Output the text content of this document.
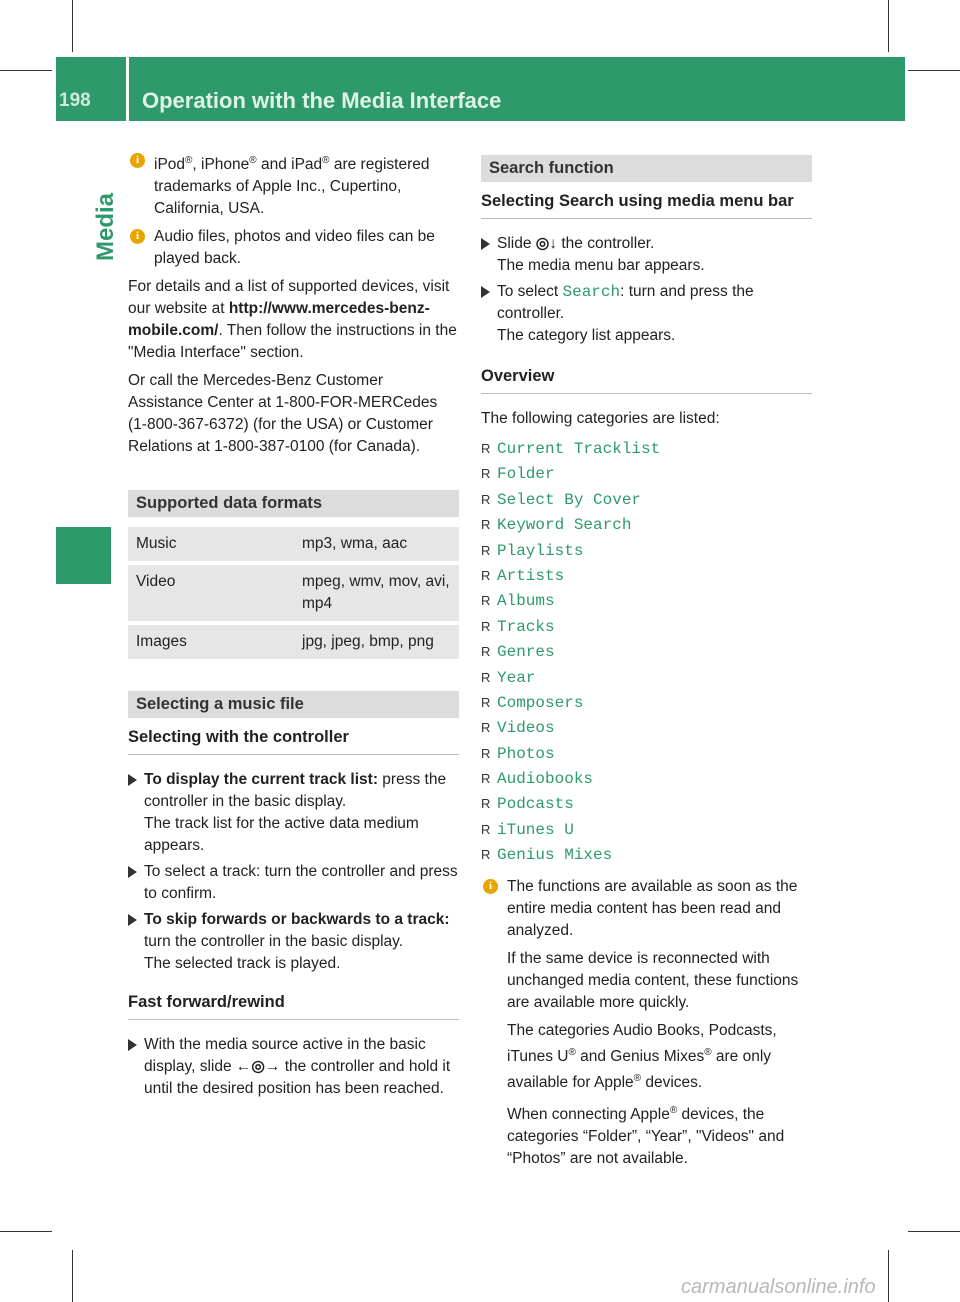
198 Operation with the Media Interface
Media
i iPod®, iPhone® and iPad® are registered trademarks of Apple Inc., Cupertino, California, USA.
i Audio files, photos and video files can be played back.

For details and a list of supported devices, visit our website at http://www.mercedes-benz-mobile.com/. Then follow the instructions in the "Media Interface" section.

Or call the Mercedes-Benz Customer Assistance Center at 1-800-FOR-MERCedes (1-800-367-6372) (for the USA) or Customer Relations at 1-800-387-0100 (for Canada).

Supported data formats
Music	mp3, wma, aac
Video	mpeg, wmv, mov, avi, mp4
Images	jpg, jpeg, bmp, png
Selecting a music file
Selecting with the controller
To display the current track list: press the controller in the basic display.
The track list for the active data medium appears.
To select a track: turn the controller and press to confirm.
To skip forwards or backwards to a track: turn the controller in the basic display.
The selected track is played.
Fast forward/rewind
With the media source active in the basic display, slide ←◎→ the controller and hold it until the desired position has been reached.
Search function
Selecting Search using media menu bar
Slide ◎↓ the controller.
The media menu bar appears.
To select Search: turn and press the controller.
The category list appears.
Overview

The following categories are listed:

R Current Tracklist
R Folder
R Select By Cover
R Keyword Search
R Playlists
R Artists
R Albums
R Tracks
R Genres
R Year
R Composers
R Videos
R Photos
R Audiobooks
R Podcasts
R iTunes U
R Genius Mixes
i The functions are available as soon as the entire media content has been read and analyzed.

If the same device is reconnected with unchanged media content, these functions are available more quickly.

The categories Audio Books, Podcasts, iTunes U® and Genius Mixes® are only available for Apple® devices.

When connecting Apple® devices, the categories “Folder”, “Year”, "Videos" and “Photos” are not available.

carmanualsonline.info
